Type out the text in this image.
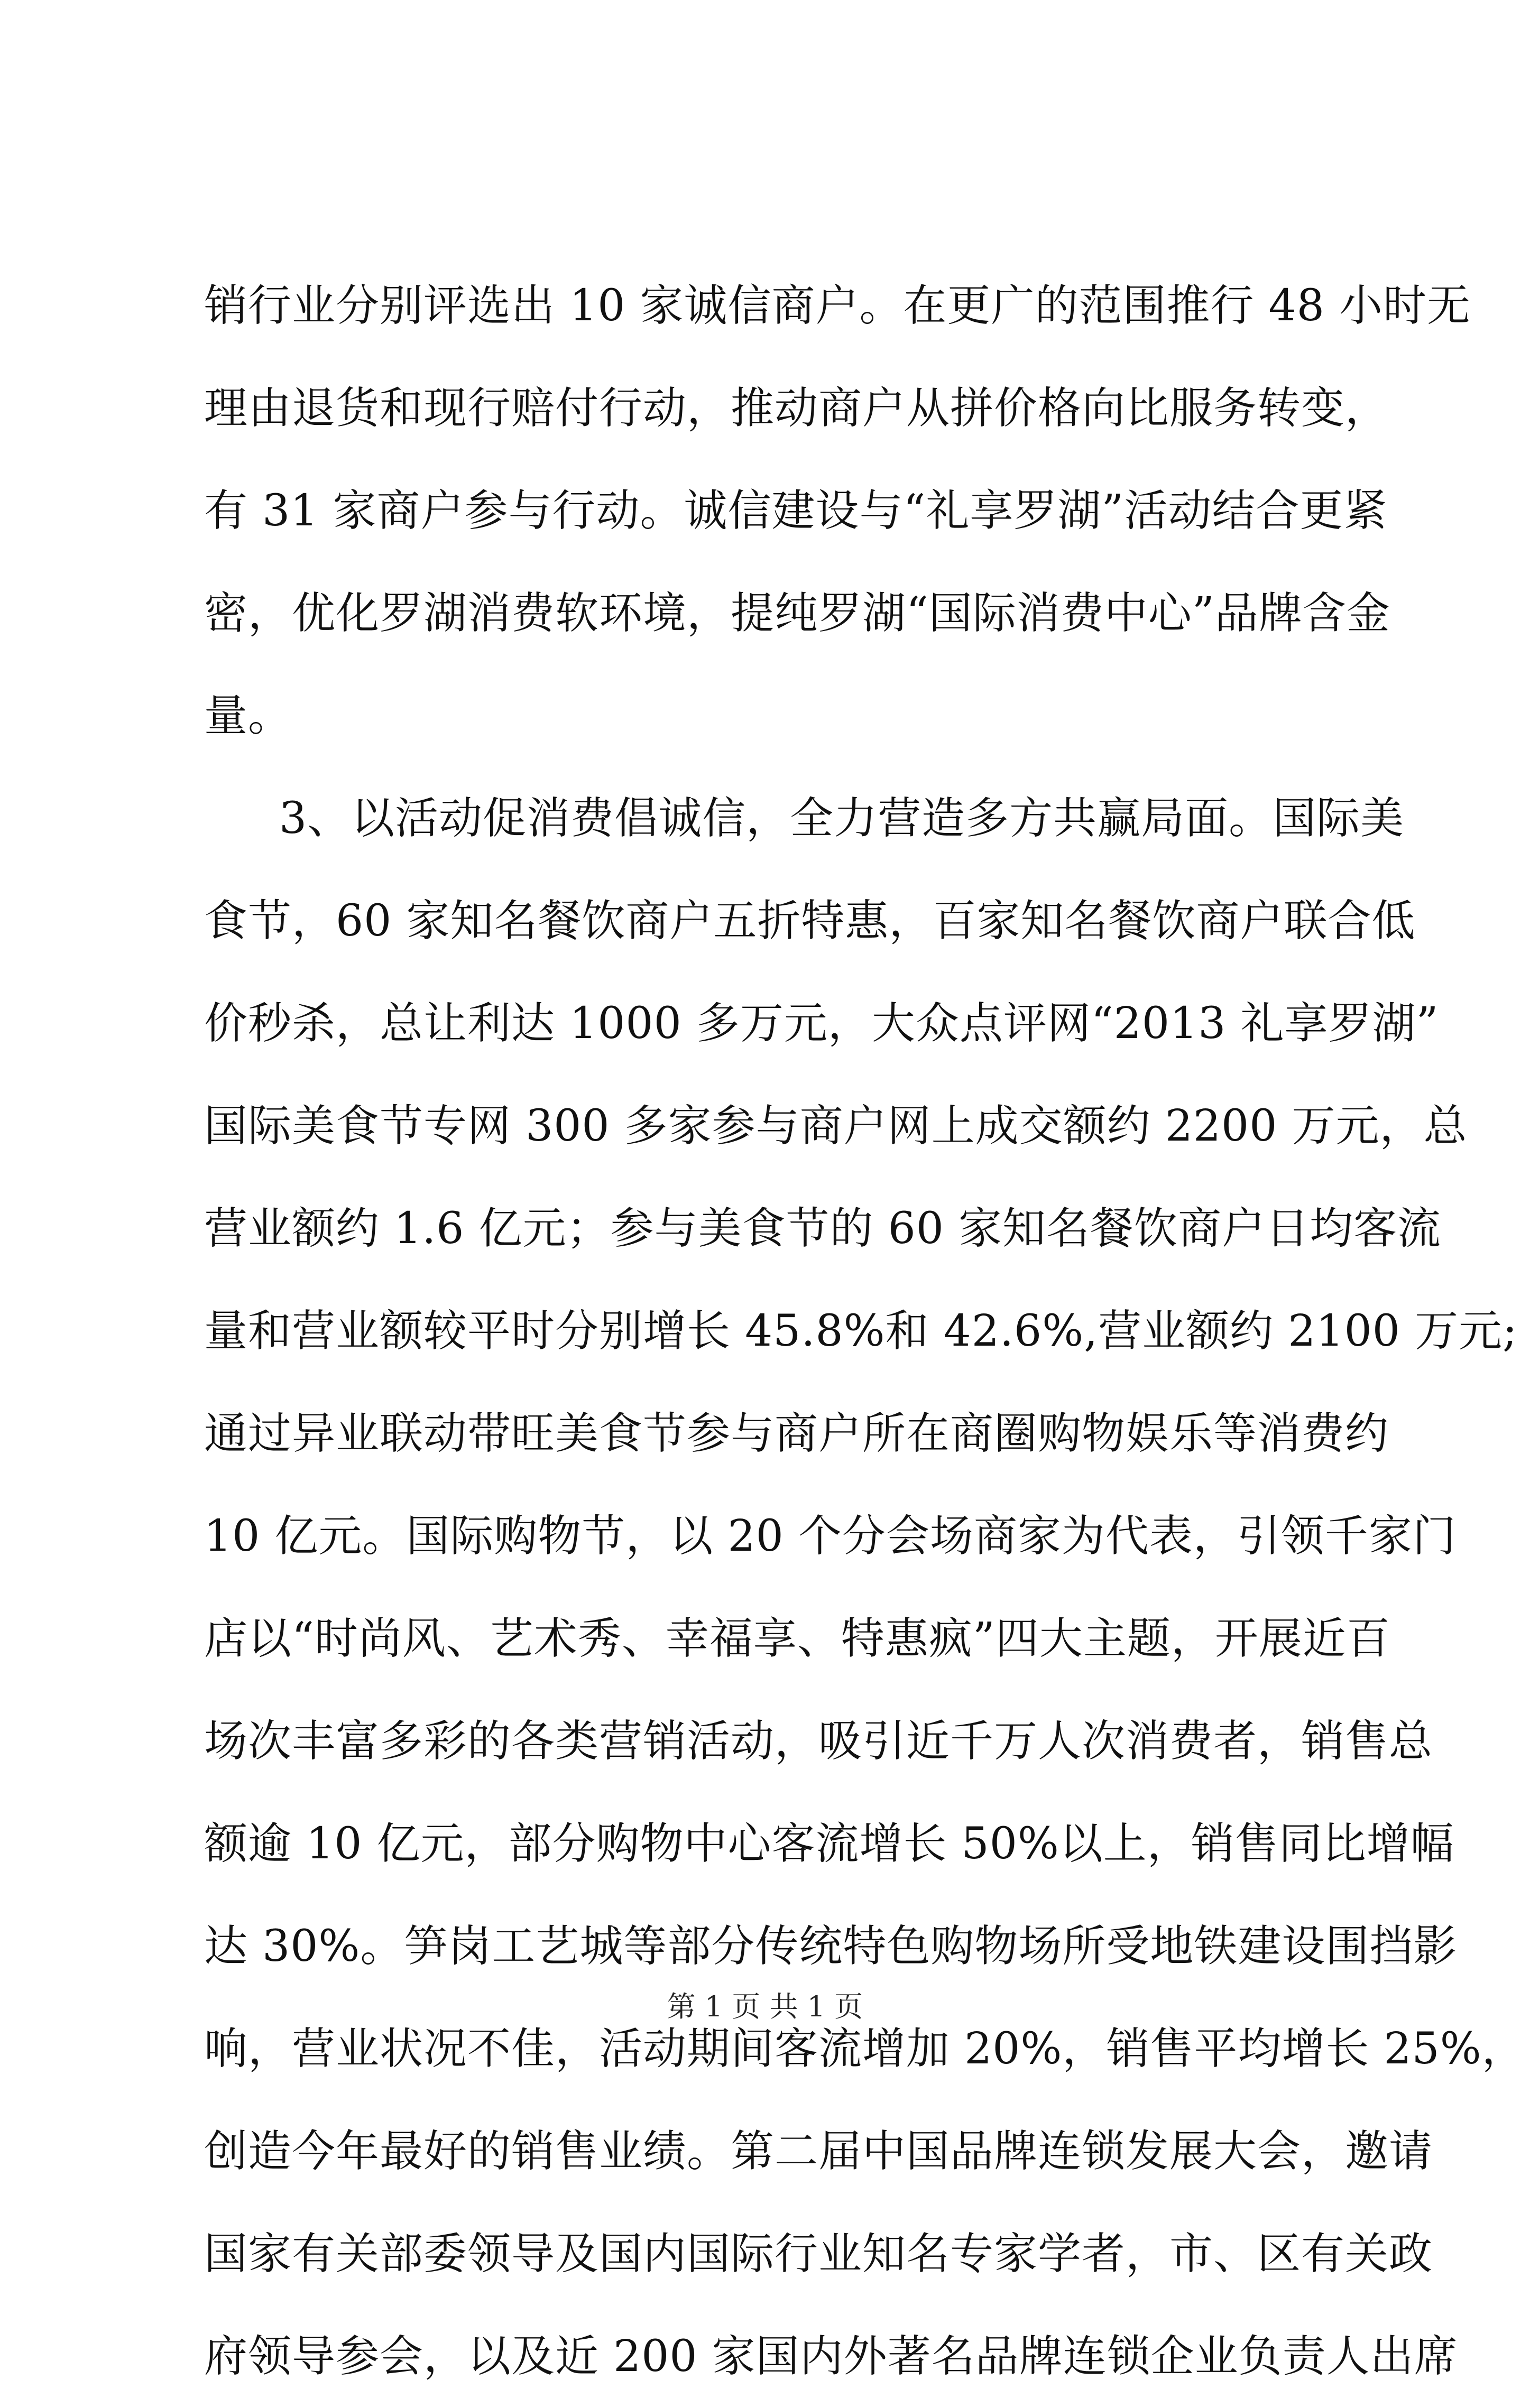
销行业分别评选出 10 家诚信商户。在更广的范围推行 48 小时无
理由退货和现行赔付行动，推动商户从拼价格向比服务转变，
有 31 家商户参与行动。诚信建设与“礼享罗湖”活动结合更紧
密，优化罗湖消费软环境，提纯罗湖“国际消费中心”品牌含金
量。
3、以活动促消费倡诚信，全力营造多方共赢局面。国际美
食节，60 家知名餐饮商户五折特惠，百家知名餐饮商户联合低
价秒杀，总让利达 1000 多万元，大众点评网“2013 礼享罗湖”
国际美食节专网 300 多家参与商户网上成交额约 2200 万元，总
营业额约 1.6 亿元；参与美食节的 60 家知名餐饮商户日均客流
量和营业额较平时分别增长 45.8%和 42.6%,营业额约 2100 万元;
通过异业联动带旺美食节参与商户所在商圈购物娱乐等消费约
10 亿元。国际购物节，以 20 个分会场商家为代表，引领千家门
店以“时尚风、艺术秀、幸福享、特惠疯”四大主题，开展近百
场次丰富多彩的各类营销活动，吸引近千万人次消费者，销售总
额逾 10 亿元，部分购物中心客流增长 50%以上，销售同比增幅
达 30%。笋岗工艺城等部分传统特色购物场所受地铁建设围挡影
响，营业状况不佳，活动期间客流增加 20%，销售平均增长 25%，
创造今年最好的销售业绩。第二届中国品牌连锁发展大会，邀请
国家有关部委领导及国内国际行业知名专家学者，市、区有关政
府领导参会，以及近 200 家国内外著名品牌连锁企业负责人出席
第 1 页 共 1 页
